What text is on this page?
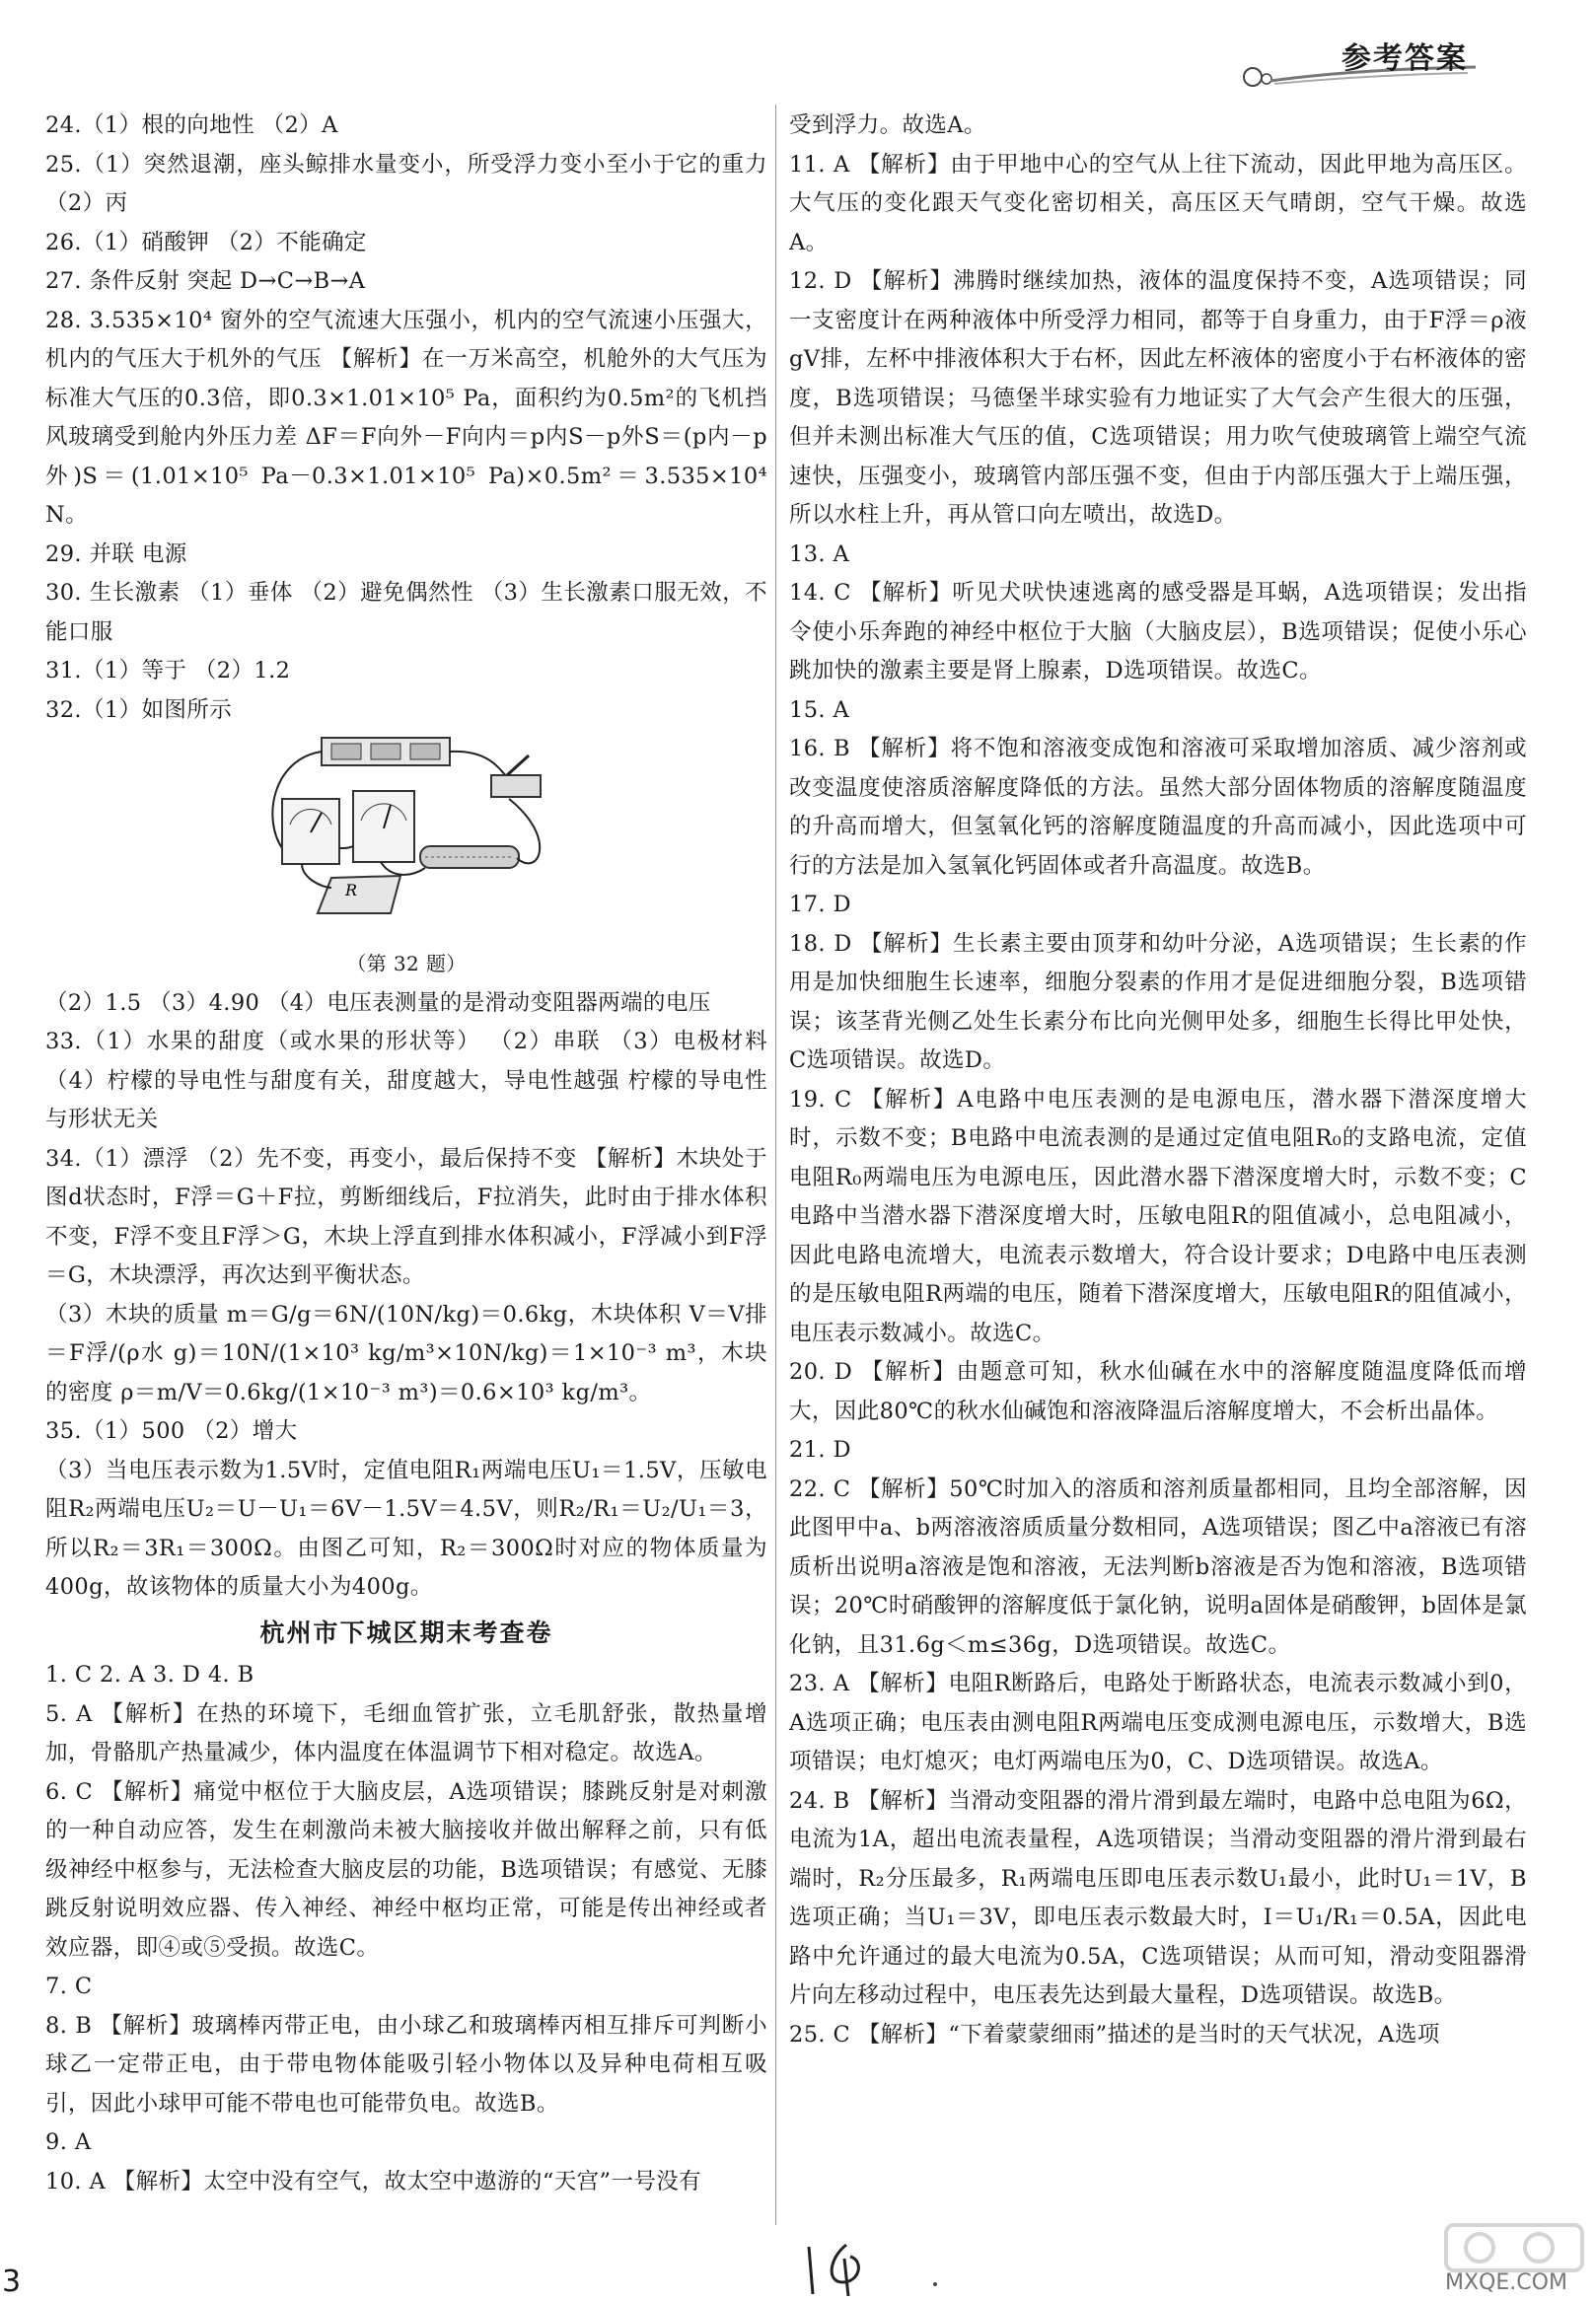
参考答案

24.（1）根的向地性 （2）A

25.（1）突然退潮，座头鲸排水量变小，所受浮力变小至小于它的重力 （2）丙

26.（1）硝酸钾 （2）不能确定

27. 条件反射 突起 D→C→B→A

28. 3.535×10⁴ 窗外的空气流速大压强小，机内的空气流速小压强大，机内的气压大于机外的气压 【解析】在一万米高空，机舱外的大气压为标准大气压的0.3倍，即0.3×1.01×10⁵ Pa，面积约为0.5m²的飞机挡风玻璃受到舱内外压力差 ΔF＝F向外－F向内＝p内S－p外S＝(p内－p外)S＝(1.01×10⁵ Pa－0.3×1.01×10⁵ Pa)×0.5m²＝3.535×10⁴ N。

29. 并联 电源

30. 生长激素 （1）垂体 （2）避免偶然性 （3）生长激素口服无效，不能口服

31.（1）等于 （2）1.2

32.（1）如图所示

R

（第 32 题）

（2）1.5 （3）4.90 （4）电压表测量的是滑动变阻器两端的电压

33.（1）水果的甜度（或水果的形状等） （2）串联 （3）电极材料 （4）柠檬的导电性与甜度有关，甜度越大，导电性越强 柠檬的导电性与形状无关

34.（1）漂浮 （2）先不变，再变小，最后保持不变 【解析】木块处于图d状态时，F浮＝G＋F拉，剪断细线后，F拉消失，此时由于排水体积不变，F浮不变且F浮＞G，木块上浮直到排水体积减小，F浮减小到F浮＝G，木块漂浮，再次达到平衡状态。

（3）木块的质量 m＝G/g＝6N/(10N/kg)＝0.6kg，木块体积 V＝V排＝F浮/(ρ水 g)＝10N/(1×10³ kg/m³×10N/kg)＝1×10⁻³ m³，木块的密度 ρ＝m/V＝0.6kg/(1×10⁻³ m³)＝0.6×10³ kg/m³。

35.（1）500 （2）增大

（3）当电压表示数为1.5V时，定值电阻R₁两端电压U₁＝1.5V，压敏电阻R₂两端电压U₂＝U－U₁＝6V－1.5V＝4.5V，则R₂/R₁＝U₂/U₁＝3，所以R₂＝3R₁＝300Ω。由图乙可知，R₂＝300Ω时对应的物体质量为400g，故该物体的质量大小为400g。

杭州市下城区期末考查卷

1. C 2. A 3. D 4. B

5. A 【解析】在热的环境下，毛细血管扩张，立毛肌舒张，散热量增加，骨骼肌产热量减少，体内温度在体温调节下相对稳定。故选A。

6. C 【解析】痛觉中枢位于大脑皮层，A选项错误；膝跳反射是对刺激的一种自动应答，发生在刺激尚未被大脑接收并做出解释之前，只有低级神经中枢参与，无法检查大脑皮层的功能，B选项错误；有感觉、无膝跳反射说明效应器、传入神经、神经中枢均正常，可能是传出神经或者效应器，即④或⑤受损。故选C。

7. C

8. B 【解析】玻璃棒丙带正电，由小球乙和玻璃棒丙相互排斥可判断小球乙一定带正电，由于带电物体能吸引轻小物体以及异种电荷相互吸引，因此小球甲可能不带电也可能带负电。故选B。

9. A

10. A 【解析】太空中没有空气，故太空中遨游的“天宫”一号没有

受到浮力。故选A。

11. A 【解析】由于甲地中心的空气从上往下流动，因此甲地为高压区。大气压的变化跟天气变化密切相关，高压区天气晴朗，空气干燥。故选A。

12. D 【解析】沸腾时继续加热，液体的温度保持不变，A选项错误；同一支密度计在两种液体中所受浮力相同，都等于自身重力，由于F浮＝ρ液 gV排，左杯中排液体积大于右杯，因此左杯液体的密度小于右杯液体的密度，B选项错误；马德堡半球实验有力地证实了大气会产生很大的压强，但并未测出标准大气压的值，C选项错误；用力吹气使玻璃管上端空气流速快，压强变小，玻璃管内部压强不变，但由于内部压强大于上端压强，所以水柱上升，再从管口向左喷出，故选D。

13. A

14. C 【解析】听见犬吠快速逃离的感受器是耳蜗，A选项错误；发出指令使小乐奔跑的神经中枢位于大脑（大脑皮层），B选项错误；促使小乐心跳加快的激素主要是肾上腺素，D选项错误。故选C。

15. A

16. B 【解析】将不饱和溶液变成饱和溶液可采取增加溶质、减少溶剂或改变温度使溶质溶解度降低的方法。虽然大部分固体物质的溶解度随温度的升高而增大，但氢氧化钙的溶解度随温度的升高而减小，因此选项中可行的方法是加入氢氧化钙固体或者升高温度。故选B。

17. D

18. D 【解析】生长素主要由顶芽和幼叶分泌，A选项错误；生长素的作用是加快细胞生长速率，细胞分裂素的作用才是促进细胞分裂，B选项错误；该茎背光侧乙处生长素分布比向光侧甲处多，细胞生长得比甲处快，C选项错误。故选D。

19. C 【解析】A电路中电压表测的是电源电压，潜水器下潜深度增大时，示数不变；B电路中电流表测的是通过定值电阻R₀的支路电流，定值电阻R₀两端电压为电源电压，因此潜水器下潜深度增大时，示数不变；C电路中当潜水器下潜深度增大时，压敏电阻R的阻值减小，总电阻减小，因此电路电流增大，电流表示数增大，符合设计要求；D电路中电压表测的是压敏电阻R两端的电压，随着下潜深度增大，压敏电阻R的阻值减小，电压表示数减小。故选C。

20. D 【解析】由题意可知，秋水仙碱在水中的溶解度随温度降低而增大，因此80℃的秋水仙碱饱和溶液降温后溶解度增大，不会析出晶体。

21. D

22. C 【解析】50℃时加入的溶质和溶剂质量都相同，且均全部溶解，因此图甲中a、b两溶液溶质质量分数相同，A选项错误；图乙中a溶液已有溶质析出说明a溶液是饱和溶液，无法判断b溶液是否为饱和溶液，B选项错误；20℃时硝酸钾的溶解度低于氯化钠，说明a固体是硝酸钾，b固体是氯化钠，且31.6g＜m≤36g，D选项错误。故选C。

23. A 【解析】电阻R断路后，电路处于断路状态，电流表示数减小到0，A选项正确；电压表由测电阻R两端电压变成测电源电压，示数增大，B选项错误；电灯熄灭；电灯两端电压为0，C、D选项错误。故选A。

24. B 【解析】当滑动变阻器的滑片滑到最左端时，电路中总电阻为6Ω，电流为1A，超出电流表量程，A选项错误；当滑动变阻器的滑片滑到最右端时，R₂分压最多，R₁两端电压即电压表示数U₁最小，此时U₁＝1V，B选项正确；当U₁＝3V，即电压表示数最大时，I＝U₁/R₁＝0.5A，因此电路中允许通过的最大电流为0.5A，C选项错误；从而可知，滑动变阻器滑片向左移动过程中，电压表先达到最大量程，D选项错误。故选B。

25. C 【解析】“下着蒙蒙细雨”描述的是当时的天气状况，A选项

3	MXQE.COM
